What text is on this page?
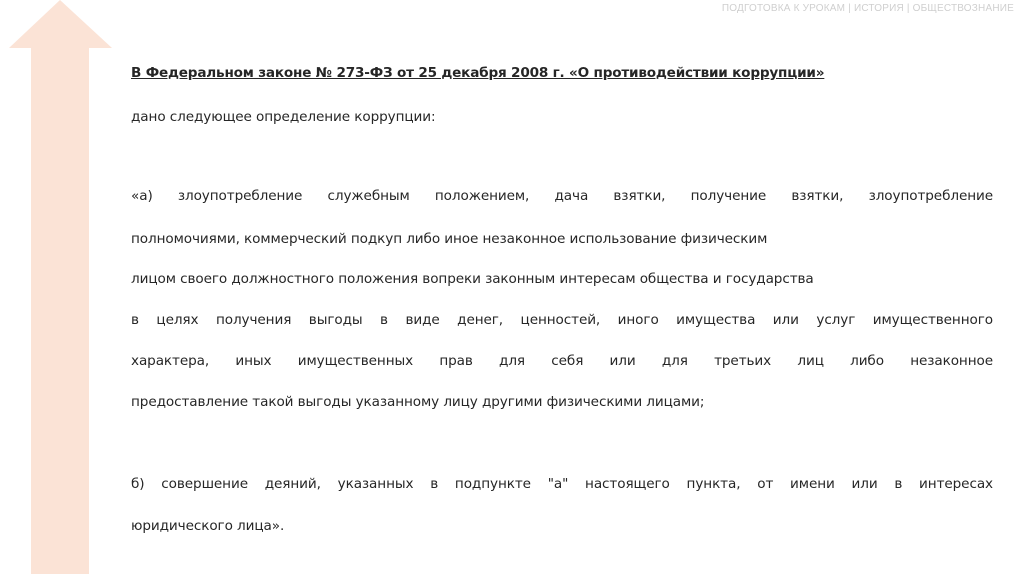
ПОДГОТОВКА К УРОКАМ | ИСТОРИЯ | ОБЩЕСТВОЗНАНИЕ
В Федеральном законе № 273-ФЗ от 25 декабря 2008 г. «О противодействии коррупции»
дано следующее определение коррупции:
«а) злоупотребление служебным положением, дача взятки, получение взятки, злоупотребление
полномочиями, коммерческий подкуп либо иное незаконное использование физическим
лицом своего должностного положения вопреки законным интересам общества и государства
в целях получения выгоды в виде денег, ценностей, иного имущества или услуг имущественного
характера, иных имущественных прав для себя или для третьих лиц либо незаконное
предоставление такой выгоды указанному лицу другими физическими лицами;
б) совершение деяний, указанных в подпункте "а" настоящего пункта, от имени или в интересах
юридического лица».
